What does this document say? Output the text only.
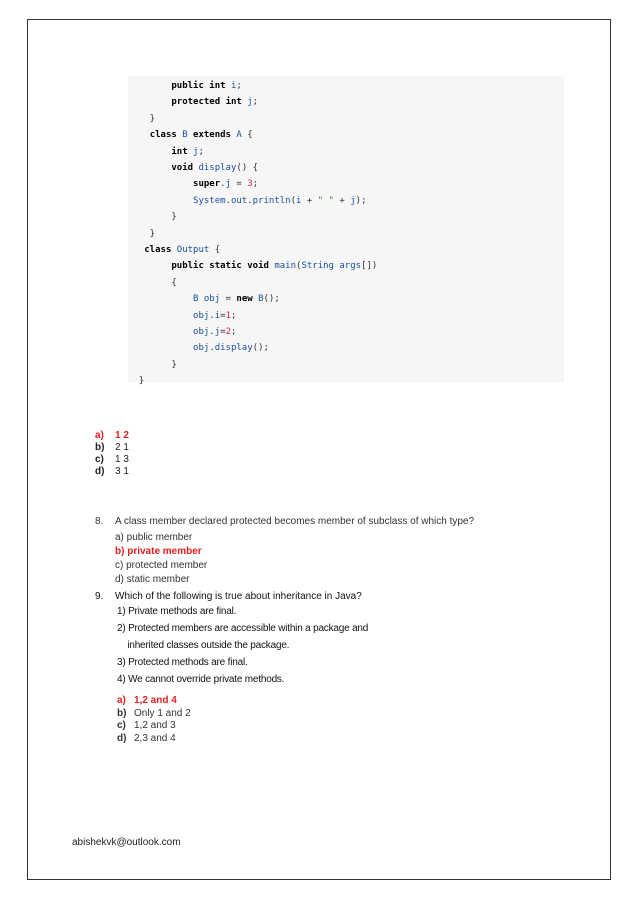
public int i;
protected int j;
}
class B extends A {
int j;
void display() {
super.j = 3;
System.out.println(i + " " + j);
}
}
class Output {
public static void main(String args[])
{
B obj = new B();
obj.i=1;
obj.j=2;
obj.display();
}
}
a) 1 2
b) 2 1
c) 1 3
d) 3 1
8. A class member declared protected becomes member of subclass of which type?
a) public member
b) private member
c) protected member
d) static member
9. Which of the following is true about inheritance in Java?
1) Private methods are final.
2) Protected members are accessible within a package and
inherited classes outside the package.
3) Protected methods are final.
4) We cannot override private methods.
a) 1,2 and 4
b) Only 1 and 2
c) 1,2 and 3
d) 2,3 and 4
abishekvk@outlook.com
